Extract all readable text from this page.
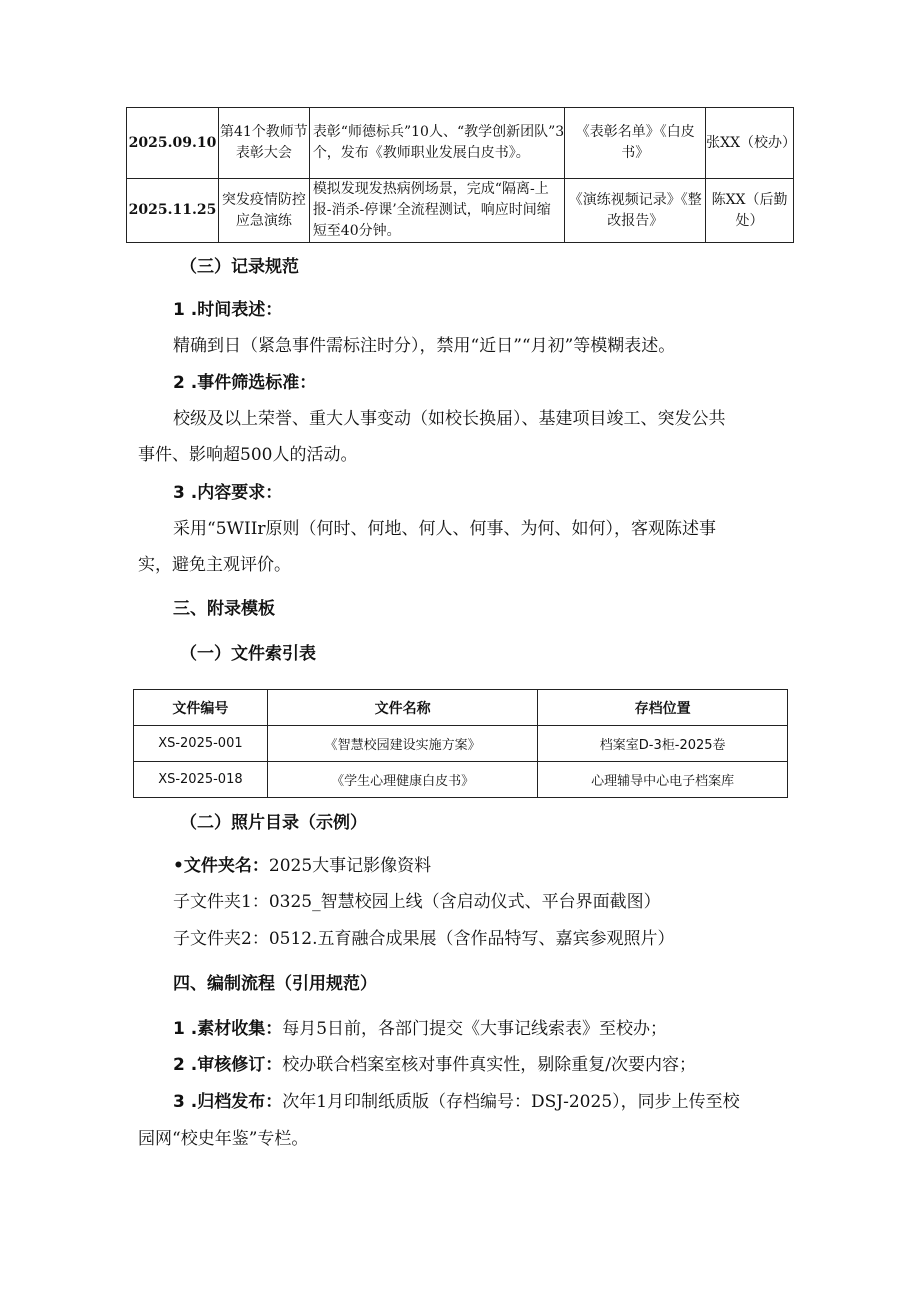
2025.09.10	第41个教师节表彰大会	表彰“师德标兵”10人、“教学创新团队”3个，发布《教师职业发展白皮书》。	《表彰名单》《白皮书》	张XX（校办）
2025.11.25	突发疫情防控应急演练	模拟发现发热病例场景，完成“隔离-上报-消杀-停课’全流程测试，响应时间缩短至40分钟。	《演练视频记录》《整改报告》	陈XX（后勤处）
（三）记录规范
1 .时间表述：
精确到日（紧急事件需标注时分），禁用“近日”“月初”等模糊表述。
2 .事件筛选标准：
校级及以上荣誉、重大人事变动（如校长换届）、基建项目竣工、突发公共
事件、影响超500人的活动。
3 .内容要求：
采用“5WIIr原则（何时、何地、何人、何事、为何、如何），客观陈述事
实，避免主观评价。
三、附录模板
（一）文件索引表
文件编号	文件名称	存档位置
XS-2025-001	《智慧校园建设实施方案》	档案室D-3柜-2025卷
XS-2025-018	《学生心理健康白皮书》	心理辅导中心电子档案库
（二）照片目录（示例）
•文件夹名：2025大事记影像资料
子文件夹1：0325_智慧校园上线（含启动仪式、平台界面截图）
子文件夹2：0512.五育融合成果展（含作品特写、嘉宾参观照片）
四、编制流程（引用规范）
1 .素材收集：每月5日前，各部门提交《大事记线索表》至校办；
2 .审核修订：校办联合档案室核对事件真实性，剔除重复/次要内容；
3 .归档发布：次年1月印制纸质版（存档编号：DSJ-2025），同步上传至校
园网“校史年鉴”专栏。
